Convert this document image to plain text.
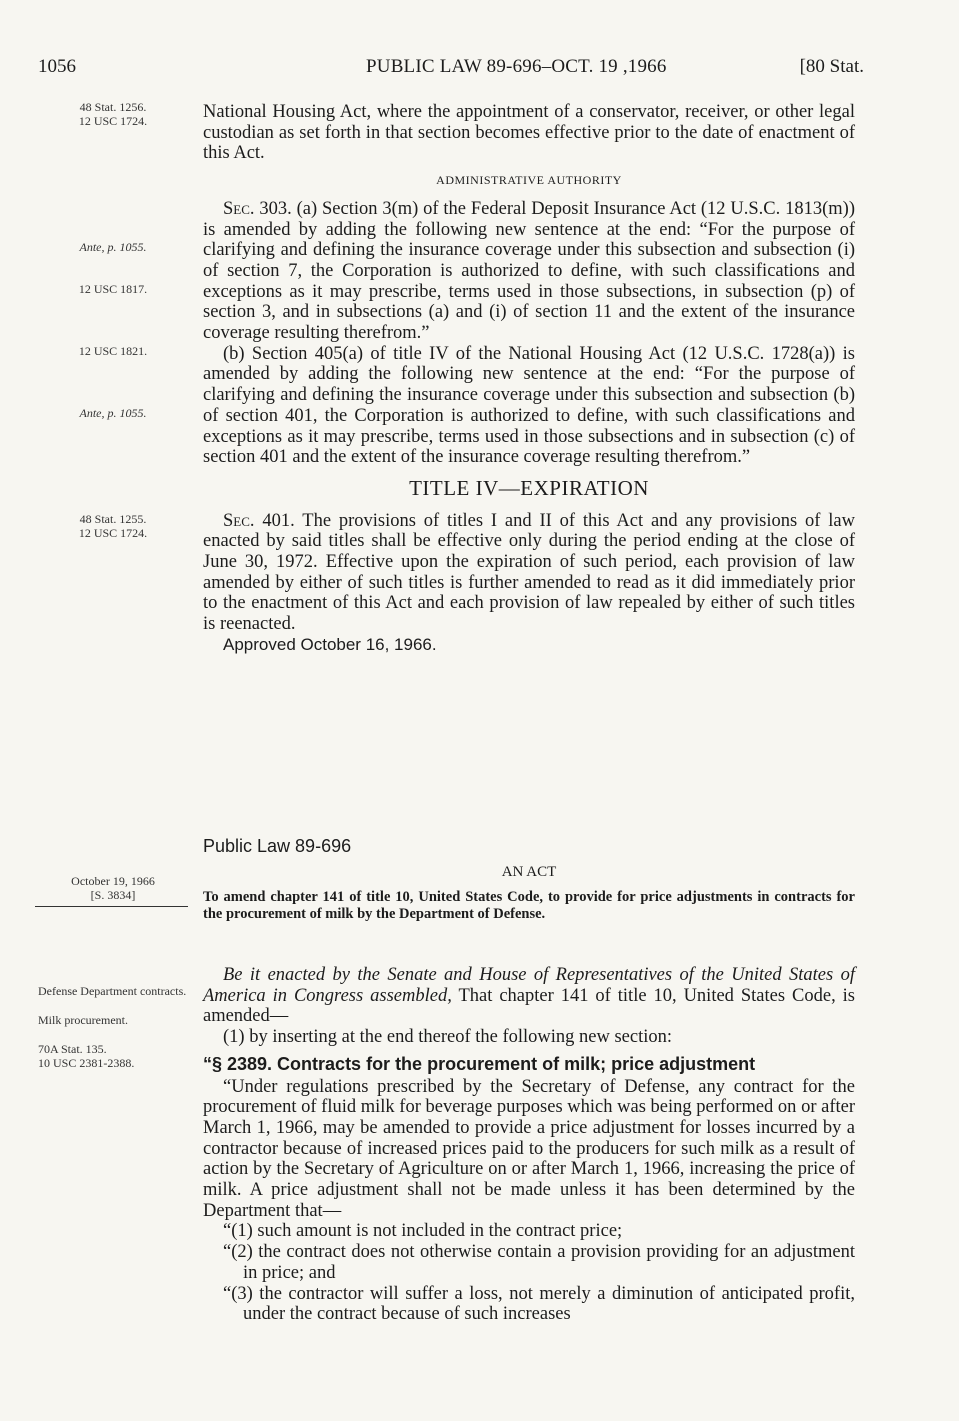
1056	PUBLIC LAW 89-696–OCT. 19 ,1966	[80 Stat.
48 Stat. 1256.
12 USC 1724.
Ante, p. 1055.
12 USC 1817.
12 USC 1821.
Ante, p. 1055.
48 Stat. 1255.
12 USC 1724.
October 19, 1966
[S. 3834]
Defense Department contracts.
Milk procurement.
70A Stat. 135.
10 USC 2381-2388.

National Housing Act, where the appointment of a conservator, receiver, or other legal custodian as set forth in that section becomes effective prior to the date of enactment of this Act.

ADMINISTRATIVE AUTHORITY

Sec. 303. (a) Section 3(m) of the Federal Deposit Insurance Act (12 U.S.C. 1813(m)) is amended by adding the following new sentence at the end: “For the purpose of clarifying and defining the insurance coverage under this subsection and subsection (i) of section 7, the Corporation is authorized to define, with such classifications and exceptions as it may prescribe, terms used in those subsections, in subsection (p) of section 3, and in subsections (a) and (i) of section 11 and the extent of the insurance coverage resulting therefrom.”

(b) Section 405(a) of title IV of the National Housing Act (12 U.S.C. 1728(a)) is amended by adding the following new sentence at the end: “For the purpose of clarifying and defining the insurance coverage under this subsection and subsection (b) of section 401, the Corporation is authorized to define, with such classifications and exceptions as it may prescribe, terms used in those subsections and in subsection (c) of section 401 and the extent of the insurance coverage resulting therefrom.”

TITLE IV—EXPIRATION

Sec. 401. The provisions of titles I and II of this Act and any provisions of law enacted by said titles shall be effective only during the period ending at the close of June 30, 1972. Effective upon the expiration of such period, each provision of law amended by either of such titles is further amended to read as it did immediately prior to the enactment of this Act and each provision of law repealed by either of such titles is reenacted.

Approved October 16, 1966.

Public Law 89-696
AN ACT
To amend chapter 141 of title 10, United States Code, to provide for price adjustments in contracts for the procurement of milk by the Department of Defense.

Be it enacted by the Senate and House of Representatives of the United States of America in Congress assembled, That chapter 141 of title 10, United States Code, is amended—

(1) by inserting at the end thereof the following new section:

“§ 2389. Contracts for the procurement of milk; price adjustment

“Under regulations prescribed by the Secretary of Defense, any contract for the procurement of fluid milk for beverage purposes which was being performed on or after March 1, 1966, may be amended to provide a price adjustment for losses incurred by a contractor because of increased prices paid to the producers for such milk as a result of action by the Secretary of Agriculture on or after March 1, 1966, increasing the price of milk. A price adjustment shall not be made unless it has been determined by the Department that—

“(1) such amount is not included in the contract price;

“(2) the contract does not otherwise contain a provision providing for an adjustment in price; and

“(3) the contractor will suffer a loss, not merely a diminution of anticipated profit, under the contract because of such increases
